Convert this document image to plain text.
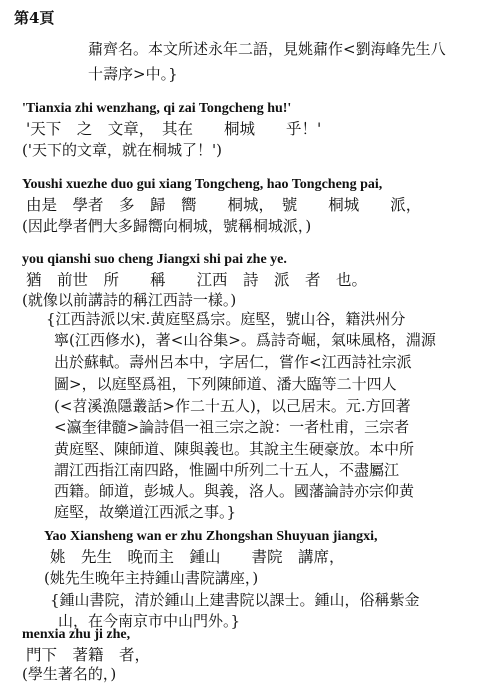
第4頁
鼐齊名。本文所述永年二語，見姚鼐作<劉海峰先生八
十壽序>中。}
'Tianxia zhi wenzhang, qi zai Tongcheng hu!'
'天下　之　文章，　其在　　桐城　　乎！'
('天下的文章，就在桐城了！')
Youshi xuezhe duo gui xiang Tongcheng, hao Tongcheng pai,
由是　學者　多　歸　嚮　　桐城，　號　　桐城　　派，
(因此學者們大多歸嚮向桐城，號稱桐城派，)
you qianshi suo cheng Jiangxi shi pai zhe ye.
猶　前世　所　　稱　　江西　詩　派　者　也。
(就像以前講詩的稱江西詩一樣。)
{江西詩派以宋.黄庭堅爲宗。庭堅，號山谷，籍洪州分
寧(江西修水)，著<山谷集>。爲詩奇崛，氣味風格，淵源
出於蘇軾。壽州呂本中，字居仁，嘗作<江西詩社宗派
圖>，以庭堅爲祖，下列陳師道、潘大臨等二十四人
(<苕溪漁隱叢話>作二十五人)，以己居末。元.方回著
<瀛奎律髓>論詩倡一祖三宗之說：一者杜甫，三宗者
黄庭堅、陳師道、陳與義也。其說主生硬豪放。本中所
謂江西指江南四路，惟圖中所列二十五人，不盡屬江
西籍。師道，彭城人。與義，洛人。國藩論詩亦宗仰黄
庭堅，故樂道江西派之事。}
Yao Xiansheng wan er zhu Zhongshan Shuyuan jiangxi,
姚　先生　晚而主　鍾山　　書院　講席，
(姚先生晚年主持鍾山書院講座，)
{鍾山書院，清於鍾山上建書院以課士。鍾山，俗稱紫金
山，在今南京市中山門外。}
menxia zhu ji zhe,
門下　著籍　者，
(學生著名的，)
